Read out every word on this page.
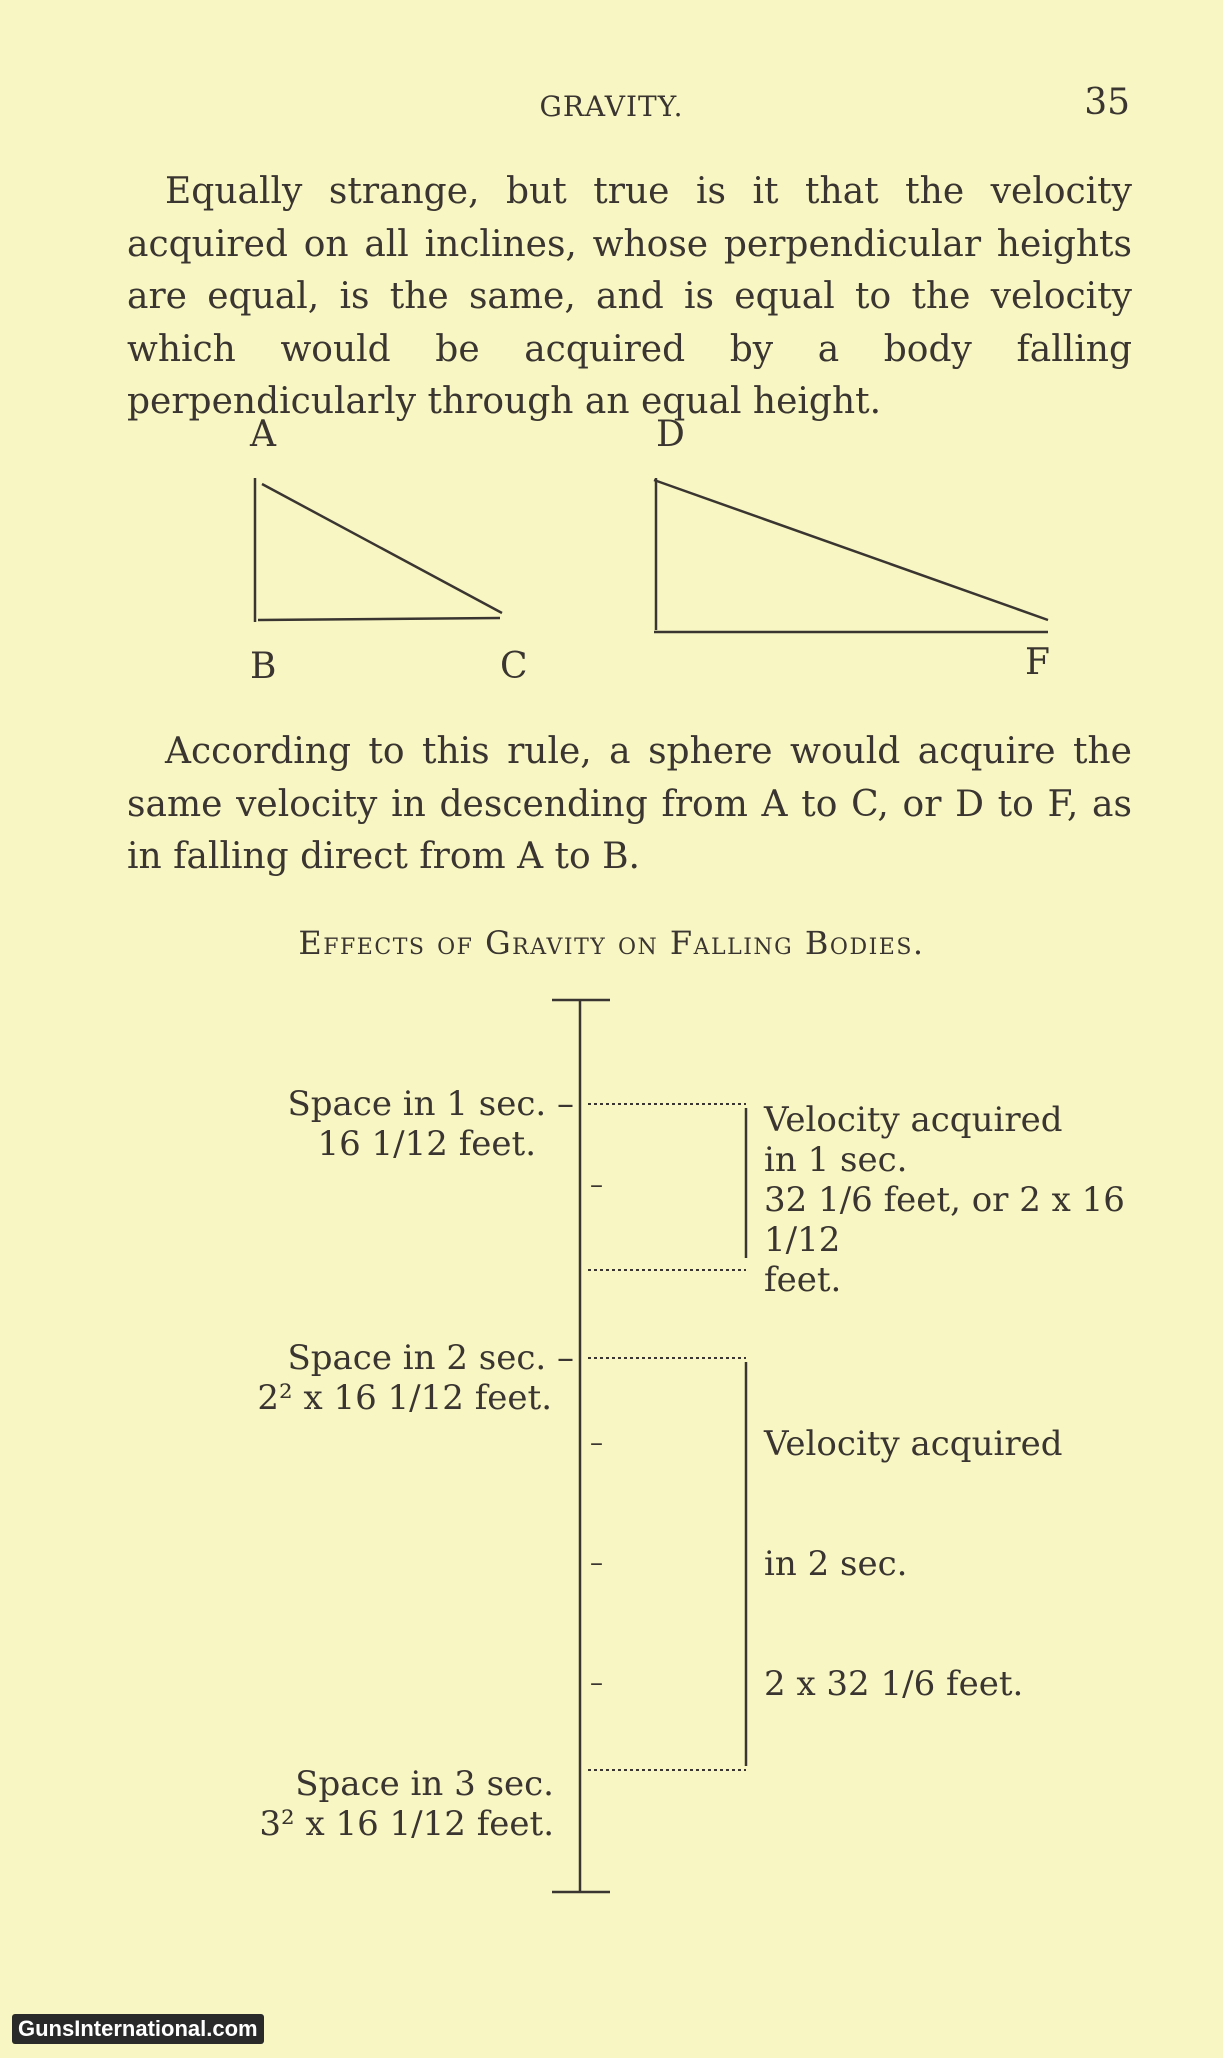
GRAVITY.	35

Equally strange, but true is it that the velocity acquired on all inclines, whose perpendicular heights are equal, is the same, and is equal to the velocity which would be acquired by a body falling perpendicularly through an equal height.

A
B	C
D
F

According to this rule, a sphere would acquire the same velocity in descending from A to C, or D to F, as in falling direct from A to B.

Effects of Gravity on Falling Bodies.
Space in 1 sec. –
16 1/12 feet.
Velocity acquired
in 1 sec.
32 1/6 feet, or 2 x 16 1/12
feet.
–
–
–
–
Space in 2 sec. –
2² x 16 1/12 feet.
Velocity acquired
in 2 sec.
2 x 32 1/6 feet.
Space in 3 sec.
3² x 16 1/12 feet.
GunsInternational.com
